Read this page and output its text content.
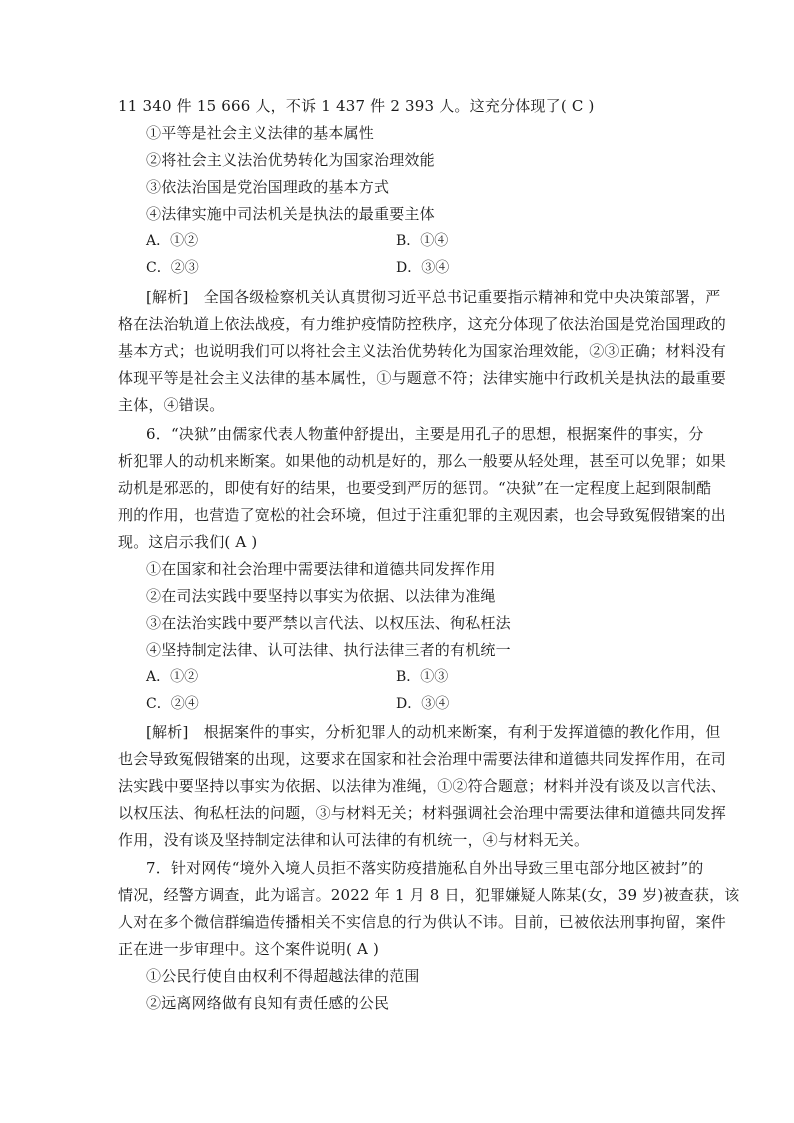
11 340 件 15 666 人，不诉 1 437 件 2 393 人。这充分体现了( C )
①平等是社会主义法律的基本属性
②将社会主义法治优势转化为国家治理效能
③依法治国是党治国理政的基本方式
④法律实施中司法机关是执法的最重要主体
A．①②	B．①④
C．②③	D．③④
[解析]　全国各级检察机关认真贯彻习近平总书记重要指示精神和党中央决策部署，严
格在法治轨道上依法战疫，有力维护疫情防控秩序，这充分体现了依法治国是党治国理政的
基本方式；也说明我们可以将社会主义法治优势转化为国家治理效能，②③正确；材料没有
体现平等是社会主义法律的基本属性，①与题意不符；法律实施中行政机关是执法的最重要
主体，④错误。
6．“决狱”由儒家代表人物董仲舒提出，主要是用孔子的思想，根据案件的事实，分
析犯罪人的动机来断案。如果他的动机是好的，那么一般要从轻处理，甚至可以免罪；如果
动机是邪恶的，即使有好的结果，也要受到严厉的惩罚。“决狱”在一定程度上起到限制酷
刑的作用，也营造了宽松的社会环境，但过于注重犯罪的主观因素，也会导致冤假错案的出
现。这启示我们( A )
①在国家和社会治理中需要法律和道德共同发挥作用
②在司法实践中要坚持以事实为依据、以法律为准绳
③在法治实践中要严禁以言代法、以权压法、徇私枉法
④坚持制定法律、认可法律、执行法律三者的有机统一
A．①②	B．①③
C．②④	D．③④
[解析]　根据案件的事实，分析犯罪人的动机来断案，有利于发挥道德的教化作用，但
也会导致冤假错案的出现，这要求在国家和社会治理中需要法律和道德共同发挥作用，在司
法实践中要坚持以事实为依据、以法律为准绳，①②符合题意；材料并没有谈及以言代法、
以权压法、徇私枉法的问题，③与材料无关；材料强调社会治理中需要法律和道德共同发挥
作用，没有谈及坚持制定法律和认可法律的有机统一，④与材料无关。
7．针对网传“境外入境人员拒不落实防疫措施私自外出导致三里屯部分地区被封”的
情况，经警方调查，此为谣言。2022 年 1 月 8 日，犯罪嫌疑人陈某(女，39 岁)被查获，该
人对在多个微信群编造传播相关不实信息的行为供认不讳。目前，已被依法刑事拘留，案件
正在进一步审理中。这个案件说明( A )
①公民行使自由权利不得超越法律的范围
②远离网络做有良知有责任感的公民
